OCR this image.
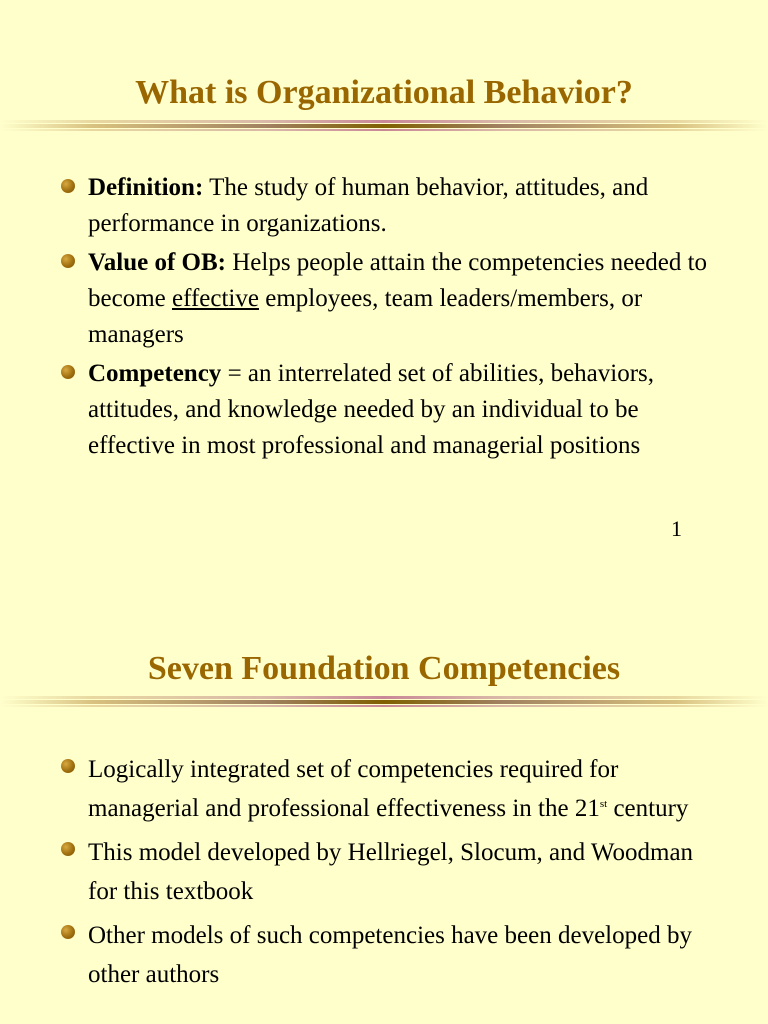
What is Organizational Behavior?
Definition: The study of human behavior, attitudes, and performance in organizations.
Value of OB: Helps people attain the competencies needed to become effective employees, team leaders/members, or managers
Competency = an interrelated set of abilities, behaviors, attitudes, and knowledge needed by an individual to be effective in most professional and managerial positions
1
Seven Foundation Competencies
Logically integrated set of competencies required for managerial and professional effectiveness in the 21st century
This model developed by Hellriegel, Slocum, and Woodman for this textbook
Other models of such competencies have been developed by other authors
